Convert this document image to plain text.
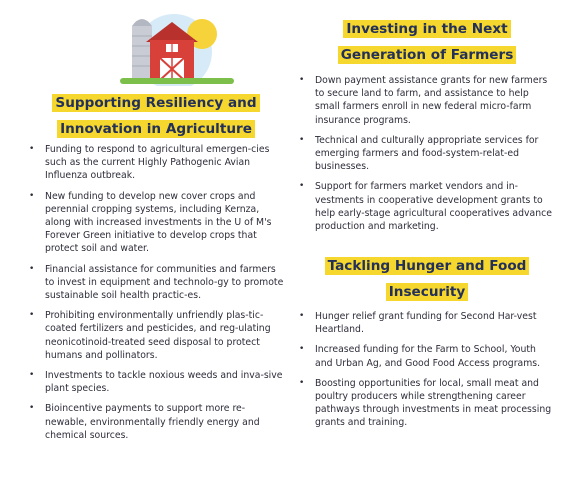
Supporting Resiliency and
Innovation in Agriculture
• Funding to respond to agricultural emergen-cies such as the current Highly Pathogenic Avian Influenza outbreak.
• New funding to develop new cover crops and perennial cropping systems, including Kernza, along with increased investments in the U of M's Forever Green initiative to develop crops that protect soil and water.
• Financial assistance for communities and farmers to invest in equipment and technolo-gy to promote sustainable soil health practic-es.
• Prohibiting environmentally unfriendly plas-tic-coated fertilizers and pesticides, and reg-ulating neonicotinoid-treated seed disposal to protect humans and pollinators.
• Investments to tackle noxious weeds and inva-sive plant species.
• Bioincentive payments to support more re-newable, environmentally friendly energy and chemical sources.
Investing in the Next
Generation of Farmers
• Down payment assistance grants for new farmers to secure land to farm, and assistance to help small farmers enroll in new federal micro-farm insurance programs.
• Technical and culturally appropriate services for emerging farmers and food-system-relat-ed businesses.
• Support for farmers market vendors and in-vestments in cooperative development grants to help early-stage agricultural cooperatives advance production and marketing.
Tackling Hunger and Food
Insecurity
• Hunger relief grant funding for Second Har-vest Heartland.
• Increased funding for the Farm to School, Youth and Urban Ag, and Good Food Access programs.
• Boosting opportunities for local, small meat and poultry producers while strengthening career pathways through investments in meat processing grants and training.
